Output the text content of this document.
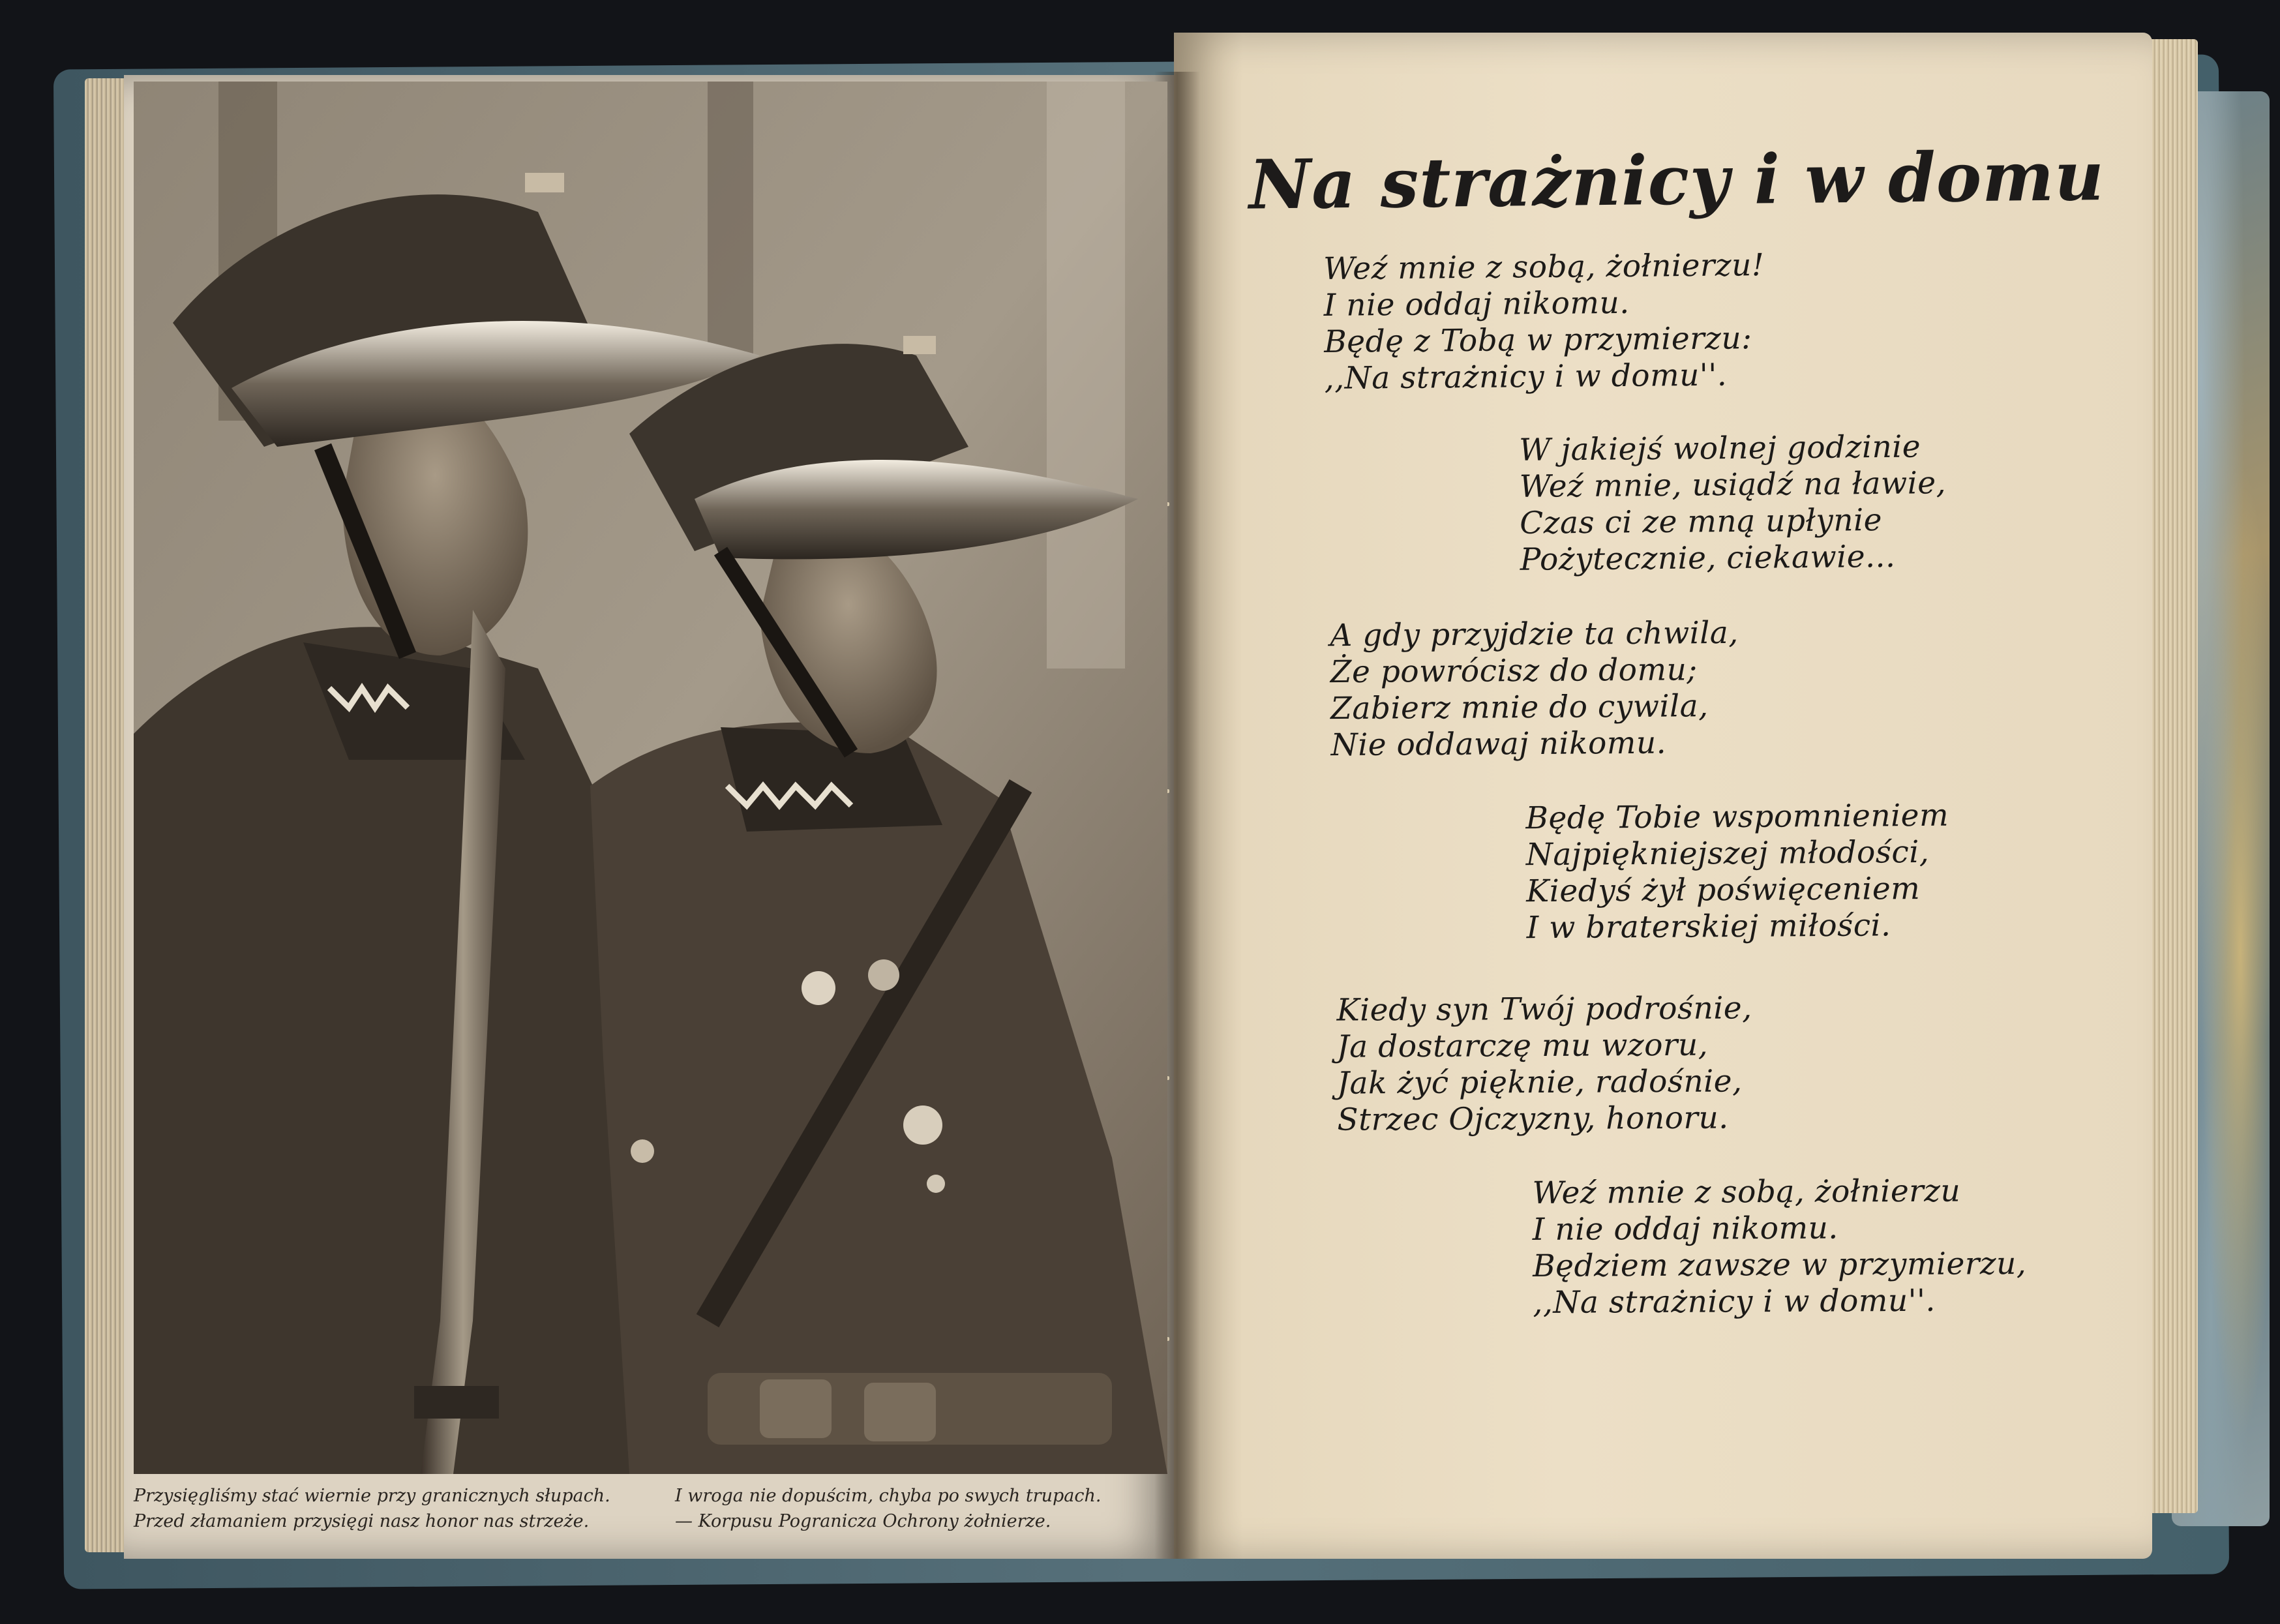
Przysięgliśmy stać wiernie przy granicznych słupach.
Przed złamaniem przysięgi nasz honor nas strzeże.
I wroga nie dopuścim, chyba po swych trupach.
— Korpusu Pogranicza Ochrony żołnierze.
Na strażnicy i w domu
Weź mnie z sobą, żołnierzu!
I nie oddaj nikomu.
Będę z Tobą w przymierzu:
,,Na strażnicy i w domu''.
W jakiejś wolnej godzinie
Weź mnie, usiądź na ławie,
Czas ci ze mną upłynie
Pożytecznie, ciekawie...
A gdy przyjdzie ta chwila,
Że powrócisz do domu;
Zabierz mnie do cywila,
Nie oddawaj nikomu.
Będę Tobie wspomnieniem
Najpiękniejszej młodości,
Kiedyś żył poświęceniem
I w braterskiej miłości.
Kiedy syn Twój podrośnie,
Ja dostarczę mu wzoru,
Jak żyć pięknie, radośnie,
Strzec Ojczyzny, honoru.
Weź mnie z sobą, żołnierzu
I nie oddaj nikomu.
Będziem zawsze w przymierzu,
,,Na strażnicy i w domu''.
